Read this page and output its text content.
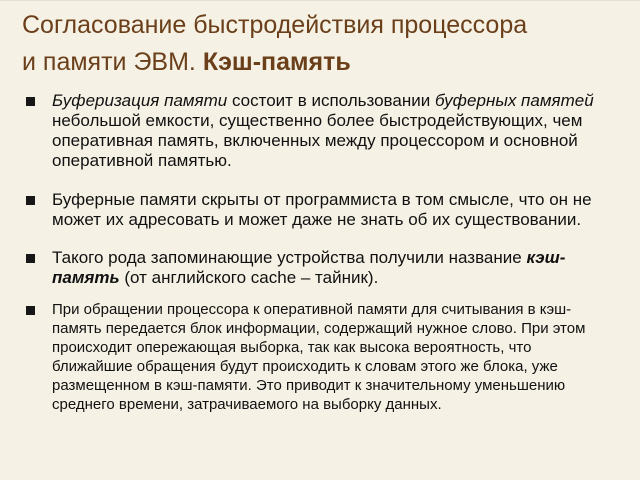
Согласование быстродействия процессора
и памяти ЭВМ. Кэш-память
Буферизация памяти состоит в использовании буферных памятей небольшой емкости, существенно более быстродействующих, чем оперативная память, включенных между процессором и основной оперативной памятью.
Буферные памяти скрыты от программиста в том смысле, что он не может их адресовать и может даже не знать об их существовании.
Такого рода запоминающие устройства получили название кэш-память (от английского cache – тайник).
При обращении процессора к оперативной памяти для считывания в кэш-память передается блок информации, содержащий нужное слово. При этом происходит опережающая выборка, так как высока вероятность, что ближайшие обращения будут происходить к словам этого же блока, уже размещенном в кэш-памяти. Это приводит к значительному уменьшению среднего времени, затрачиваемого на выборку данных.
